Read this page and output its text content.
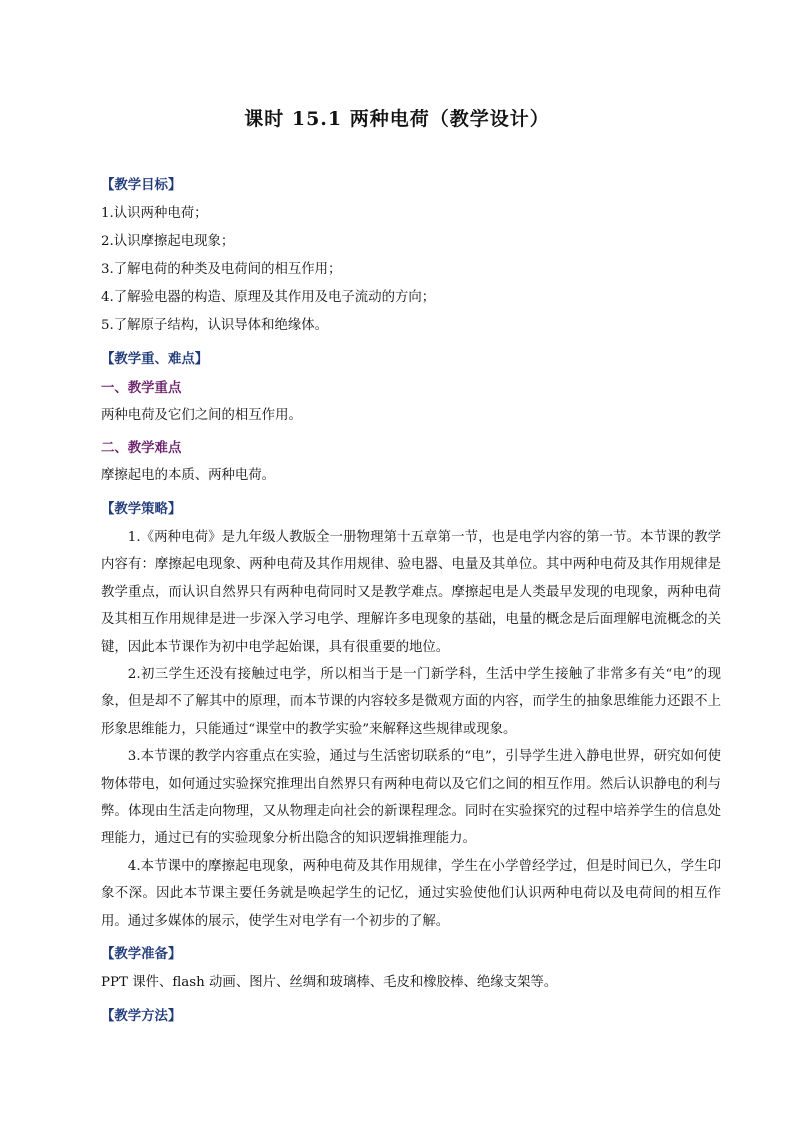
课时 15.1 两种电荷（教学设计）
【教学目标】
1.认识两种电荷；
2.认识摩擦起电现象；
3.了解电荷的种类及电荷间的相互作用；
4.了解验电器的构造、原理及其作用及电子流动的方向；
5.了解原子结构，认识导体和绝缘体。
【教学重、难点】
一、教学重点
两种电荷及它们之间的相互作用。
二、教学难点
摩擦起电的本质、两种电荷。
【教学策略】

1.《两种电荷》是九年级人教版全一册物理第十五章第一节，也是电学内容的第一节。本节课的教学内容有：摩擦起电现象、两种电荷及其作用规律、验电器、电量及其单位。其中两种电荷及其作用规律是教学重点，而认识自然界只有两种电荷同时又是教学难点。摩擦起电是人类最早发现的电现象，两种电荷及其相互作用规律是进一步深入学习电学、理解许多电现象的基础，电量的概念是后面理解电流概念的关键，因此本节课作为初中电学起始课，具有很重要的地位。

2.初三学生还没有接触过电学，所以相当于是一门新学科，生活中学生接触了非常多有关“电”的现象，但是却不了解其中的原理，而本节课的内容较多是微观方面的内容，而学生的抽象思维能力还跟不上形象思维能力，只能通过“课堂中的教学实验”来解释这些规律或现象。

3.本节课的教学内容重点在实验，通过与生活密切联系的“电”，引导学生进入静电世界，研究如何使物体带电，如何通过实验探究推理出自然界只有两种电荷以及它们之间的相互作用。然后认识静电的利与弊。体现由生活走向物理，又从物理走向社会的新课程理念。同时在实验探究的过程中培养学生的信息处理能力，通过已有的实验现象分析出隐含的知识逻辑推理能力。

4.本节课中的摩擦起电现象，两种电荷及其作用规律，学生在小学曾经学过，但是时间已久，学生印象不深。因此本节课主要任务就是唤起学生的记忆，通过实验使他们认识两种电荷以及电荷间的相互作用。通过多媒体的展示，使学生对电学有一个初步的了解。

【教学准备】
PPT 课件、flash 动画、图片、丝绸和玻璃棒、毛皮和橡胶棒、绝缘支架等。
【教学方法】
